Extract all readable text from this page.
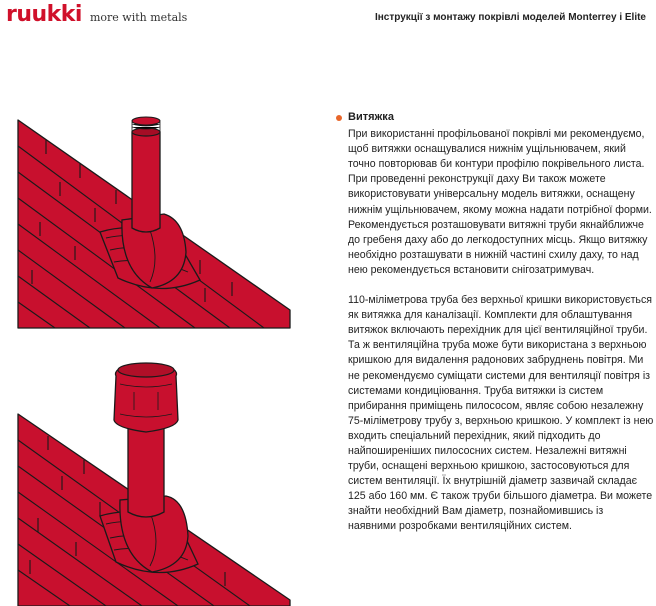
ruukki more with metals	Інструкції з монтажу покрівлі моделей Monterrey і Elite
Витяжка

При використанні профільованої покрівлі ми рекомендуємо, щоб витяжки оснащувалися нижнім ущільнювачем, який точно повторював би контури профілю покрівельного листа. При проведенні реконструкції даху Ви також можете використовувати універсальну модель витяжки, оснащену нижнім ущільнювачем, якому можна надати потрібної форми. Рекомендується розташовувати витяжні труби якнайближче до гребеня даху або до легкодоступних місць. Якщо витяжку необхідно розташувати в нижній частині схилу даху, то над нею рекомендується встановити снігозатримувач.

110-міліметрова труба без верхньої кришки використовується як витяжка для каналізації. Комплекти для облаштування витяжок включають перехідник для цієї вентиляційної труби. Та ж вентиляційна труба може бути використана з верхньою кришкою для видалення радонових забруднень повітря. Ми не рекомендуємо суміщати системи для вентиляції повітря із системами кондиціювання. Труба витяжки із систем прибирання приміщень пилососом, являє собою незалежну 75-міліметрову трубу з, верхньою кришкою. У комплект із нею входить спеціальний перехідник, який підходить до найпоширеніших пилососних систем. Незалежні витяжні труби, оснащені верхньою кришкою, застосовуються для систем вентиляції. Їх внутрішній діаметр зазвичай складає 125 або 160 мм. Є також труби більшого діаметра. Ви можете знайти необхідний Вам діаметр, познайомившись із наявними розробками вентиляційних систем.
